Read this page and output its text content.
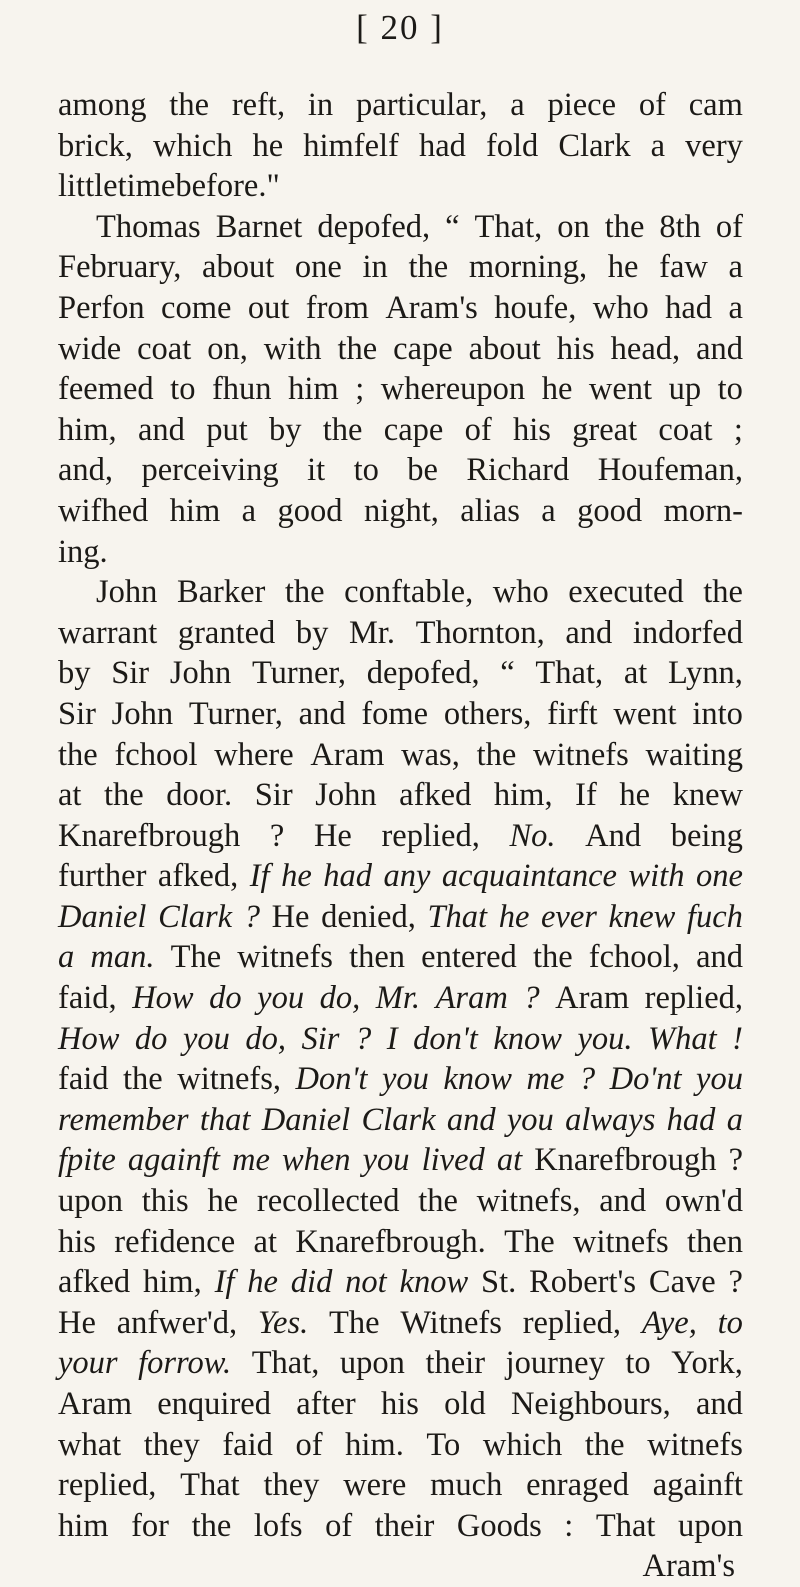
[ 20 ]
among the reft, in particular, a piece of cam
brick, which he himfelf had fold Clark a very
little time before."
Thomas Barnet depofed, “ That, on the 8th of
February, about one in the morning, he faw a
Perfon come out from Aram's houfe, who had a
wide coat on, with the cape about his head, and
feemed to fhun him ; whereupon he went up to
him, and put by the cape of his great coat ;
and, perceiving it to be Richard Houfeman,
wifhed him a good night, alias a good morn-
ing.
John Barker the conftable, who executed the
warrant granted by Mr. Thornton, and indorfed
by Sir John Turner, depofed, “ That, at Lynn,
Sir John Turner, and fome others, firft went into
the fchool where Aram was, the witnefs waiting
at the door. Sir John afked him, If he knew
Knarefbrough ? He replied, No. And being
further afked, If he had any acquaintance with one
Daniel Clark ? He denied, That he ever knew fuch
a man. The witnefs then entered the fchool, and
faid, How do you do, Mr. Aram ? Aram replied,
How do you do, Sir ? I don't know you. What !
faid the witnefs, Don't you know me ? Do'nt you
remember that Daniel Clark and you always had a
fpite againft me when you lived at Knarefbrough ?
upon this he recollected the witnefs, and own'd
his refidence at Knarefbrough. The witnefs then
afked him, If he did not know St. Robert's Cave ?
He anfwer'd, Yes. The Witnefs replied, Aye, to
your forrow. That, upon their journey to York,
Aram enquired after his old Neighbours, and
what they faid of him. To which the witnefs
replied, That they were much enraged againft
him for the lofs of their Goods : That upon
Aram's
